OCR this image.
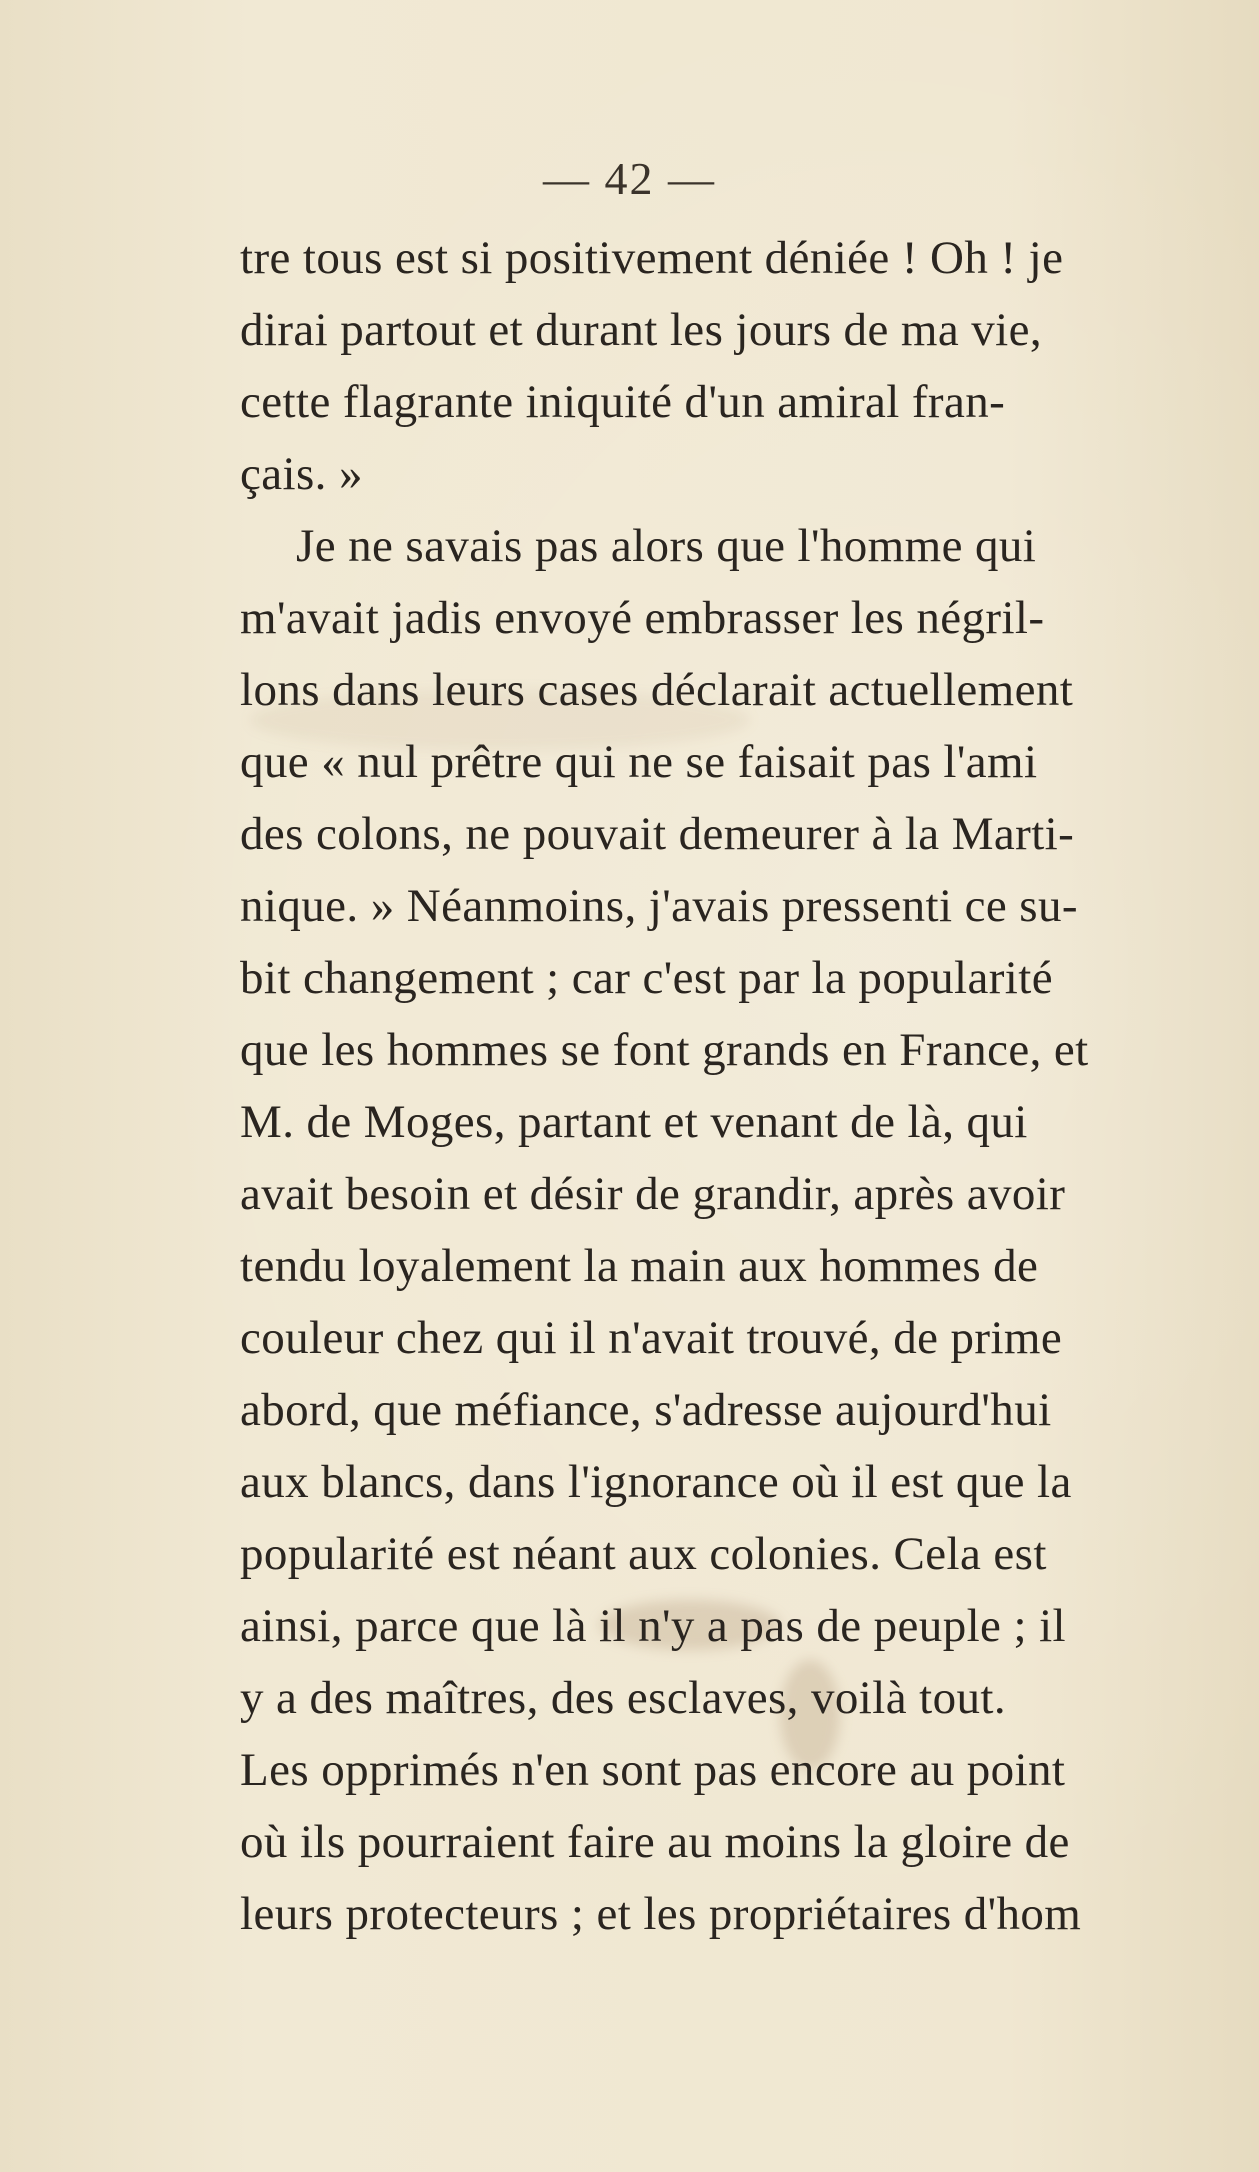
— 42 —
tre tous est si positivement déniée ! Oh ! je
dirai partout et durant les jours de ma vie,
cette flagrante iniquité d'un amiral fran-
çais. »
Je ne savais pas alors que l'homme qui
m'avait jadis envoyé embrasser les négril-
lons dans leurs cases déclarait actuellement
que « nul prêtre qui ne se faisait pas l'ami
des colons, ne pouvait demeurer à la Marti-
nique. » Néanmoins, j'avais pressenti ce su-
bit changement ; car c'est par la popularité
que les hommes se font grands en France, et
M. de Moges, partant et venant de là, qui
avait besoin et désir de grandir, après avoir
tendu loyalement la main aux hommes de
couleur chez qui il n'avait trouvé, de prime
abord, que méfiance, s'adresse aujourd'hui
aux blancs, dans l'ignorance où il est que la
popularité est néant aux colonies. Cela est
ainsi, parce que là il n'y a pas de peuple ; il
y a des maîtres, des esclaves, voilà tout.
Les opprimés n'en sont pas encore au point
où ils pourraient faire au moins la gloire de
leurs protecteurs ; et les propriétaires d'hom
